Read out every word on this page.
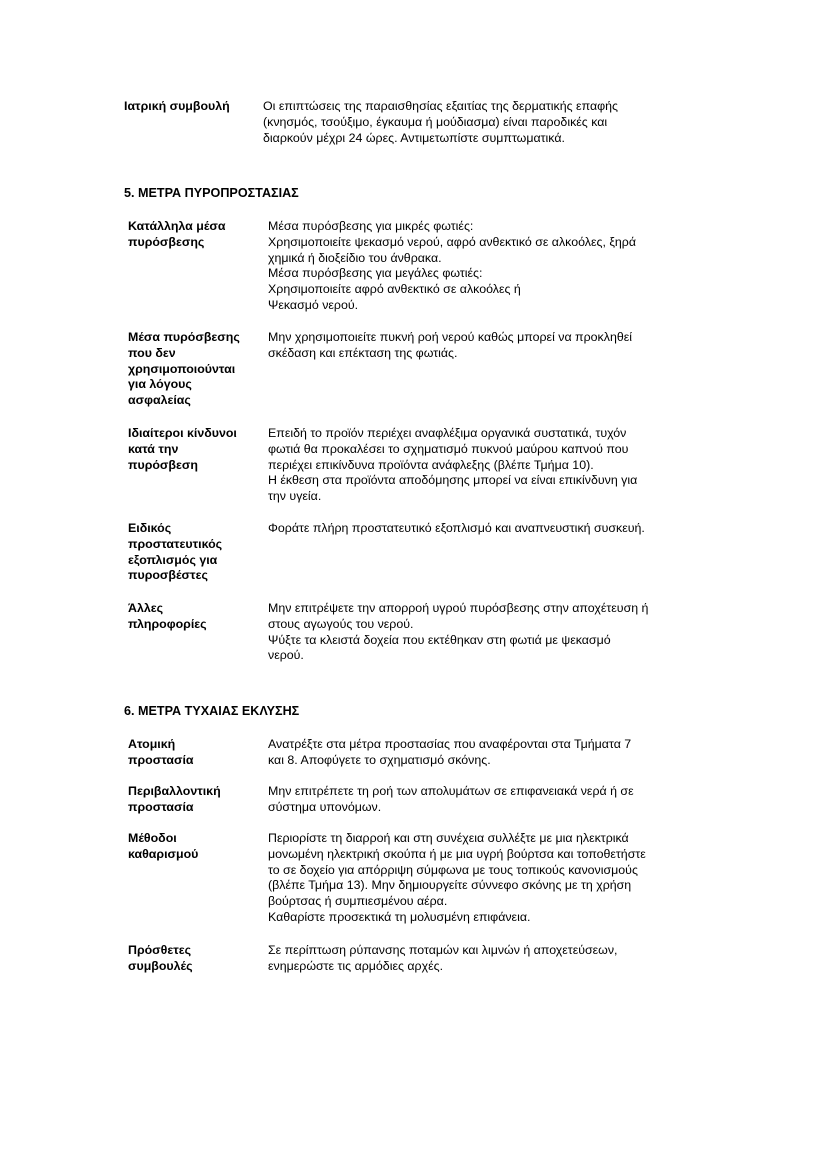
Ιατρική συμβουλή	Οι επιπτώσεις της παραισθησίας εξαιτίας της δερματικής επαφής
(κνησμός, τσούξιμο, έγκαυμα ή μούδιασμα) είναι παροδικές και
διαρκούν μέχρι 24 ώρες. Αντιμετωπίστε συμπτωματικά.
5. ΜΕΤΡΑ ΠΥΡΟΠΡΟΣΤΑΣΙΑΣ
Κατάλληλα μέσα
πυρόσβεσης
Μέσα πυρόσβεσης για μικρές φωτιές:
Χρησιμοποιείτε ψεκασμό νερού, αφρό ανθεκτικό σε αλκοόλες, ξηρά
χημικά ή διοξείδιο του άνθρακα.
Μέσα πυρόσβεσης για μεγάλες φωτιές:
Χρησιμοποιείτε αφρό ανθεκτικό σε αλκοόλες ή
Ψεκασμό νερού.
Μέσα πυρόσβεσης
που δεν
χρησιμοποιούνται
για λόγους
ασφαλείας
Μην χρησιμοποιείτε πυκνή ροή νερού καθώς μπορεί να προκληθεί
σκέδαση και επέκταση της φωτιάς.
Ιδιαίτεροι κίνδυνοι
κατά την
πυρόσβεση
Επειδή το προϊόν περιέχει αναφλέξιμα οργανικά συστατικά, τυχόν
φωτιά θα προκαλέσει το σχηματισμό πυκνού μαύρου καπνού που
περιέχει επικίνδυνα προϊόντα ανάφλεξης (βλέπε Τμήμα 10).
Η έκθεση στα προϊόντα αποδόμησης μπορεί να είναι επικίνδυνη για
την υγεία.
Ειδικός
προστατευτικός
εξοπλισμός για
πυροσβέστες
Φοράτε πλήρη προστατευτικό εξοπλισμό και αναπνευστική συσκευή.
Άλλες
πληροφορίες
Μην επιτρέψετε την απορροή υγρού πυρόσβεσης στην αποχέτευση ή
στους αγωγούς του νερού.
Ψύξτε τα κλειστά δοχεία που εκτέθηκαν στη φωτιά με ψεκασμό
νερού.
6. ΜΕΤΡΑ ΤΥΧΑΙΑΣ ΕΚΛΥΣΗΣ
Ατομική
προστασία
Ανατρέξτε στα μέτρα προστασίας που αναφέρονται στα Τμήματα 7
και 8. Αποφύγετε το σχηματισμό σκόνης.
Περιβαλλοντική
προστασία
Μην επιτρέπετε τη ροή των απολυμάτων σε επιφανειακά νερά ή σε
σύστημα υπονόμων.
Μέθοδοι
καθαρισμού
Περιορίστε τη διαρροή και στη συνέχεια συλλέξτε με μια ηλεκτρικά
μονωμένη ηλεκτρική σκούπα ή με μια υγρή βούρτσα και τοποθετήστε
το σε δοχείο για απόρριψη σύμφωνα με τους τοπικούς κανονισμούς
(βλέπε Τμήμα 13). Μην δημιουργείτε σύννεφο σκόνης με τη χρήση
βούρτσας ή συμπιεσμένου αέρα.
Καθαρίστε προσεκτικά τη μολυσμένη επιφάνεια.
Πρόσθετες
συμβουλές
Σε περίπτωση ρύπανσης ποταμών και λιμνών ή αποχετεύσεων,
ενημερώστε τις αρμόδιες αρχές.
